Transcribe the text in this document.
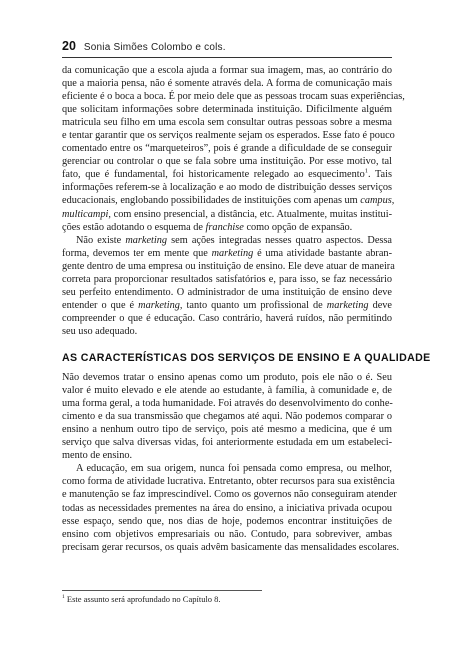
20 Sonia Simões Colombo e cols.
da comunicação que a escola ajuda a formar sua imagem, mas, ao contrário do
que a maioria pensa, não é somente através dela. A forma de comunicação mais
eficiente é o boca a boca. É por meio dele que as pessoas trocam suas experiências,
que solicitam informações sobre determinada instituição. Dificilmente alguém
matricula seu filho em uma escola sem consultar outras pessoas sobre a mesma
e tentar garantir que os serviços realmente sejam os esperados. Esse fato é pouco
comentado entre os “marqueteiros”, pois é grande a dificuldade de se conseguir
gerenciar ou controlar o que se fala sobre uma instituição. Por esse motivo, tal
fato, que é fundamental, foi historicamente relegado ao esquecimento$^1$. Tais
informações referem-se à localização e ao modo de distribuição desses serviços
educacionais, englobando possibilidades de instituições com apenas um campus,
multicampi, com ensino presencial, a distância, etc. Atualmente, muitas institui-
ções estão adotando o esquema de franchise como opção de expansão.
Não existe marketing sem ações integradas nesses quatro aspectos. Dessa
forma, devemos ter em mente que marketing é uma atividade bastante abran-
gente dentro de uma empresa ou instituição de ensino. Ele deve atuar de maneira
correta para proporcionar resultados satisfatórios e, para isso, se faz necessário
seu perfeito entendimento. O administrador de uma instituição de ensino deve
entender o que é marketing, tanto quanto um profissional de marketing deve
compreender o que é educação. Caso contrário, haverá ruídos, não permitindo
seu uso adequado.
AS CARACTERÍSTICAS DOS SERVIÇOS DE ENSINO E A QUALIDADE
Não devemos tratar o ensino apenas como um produto, pois ele não o é. Seu
valor é muito elevado e ele atende ao estudante, à família, à comunidade e, de
uma forma geral, a toda humanidade. Foi através do desenvolvimento do conhe-
cimento e da sua transmissão que chegamos até aqui. Não podemos comparar o
ensino a nenhum outro tipo de serviço, pois até mesmo a medicina, que é um
serviço que salva diversas vidas, foi anteriormente estudada em um estabeleci-
mento de ensino.
A educação, em sua origem, nunca foi pensada como empresa, ou melhor,
como forma de atividade lucrativa. Entretanto, obter recursos para sua existência
e manutenção se faz imprescindível. Como os governos não conseguiram atender
todas as necessidades prementes na área do ensino, a iniciativa privada ocupou
esse espaço, sendo que, nos dias de hoje, podemos encontrar instituições de
ensino com objetivos empresariais ou não. Contudo, para sobreviver, ambas
precisam gerar recursos, os quais advêm basicamente das mensalidades escolares.
$^1$ Este assunto será aprofundado no Capítulo 8.
